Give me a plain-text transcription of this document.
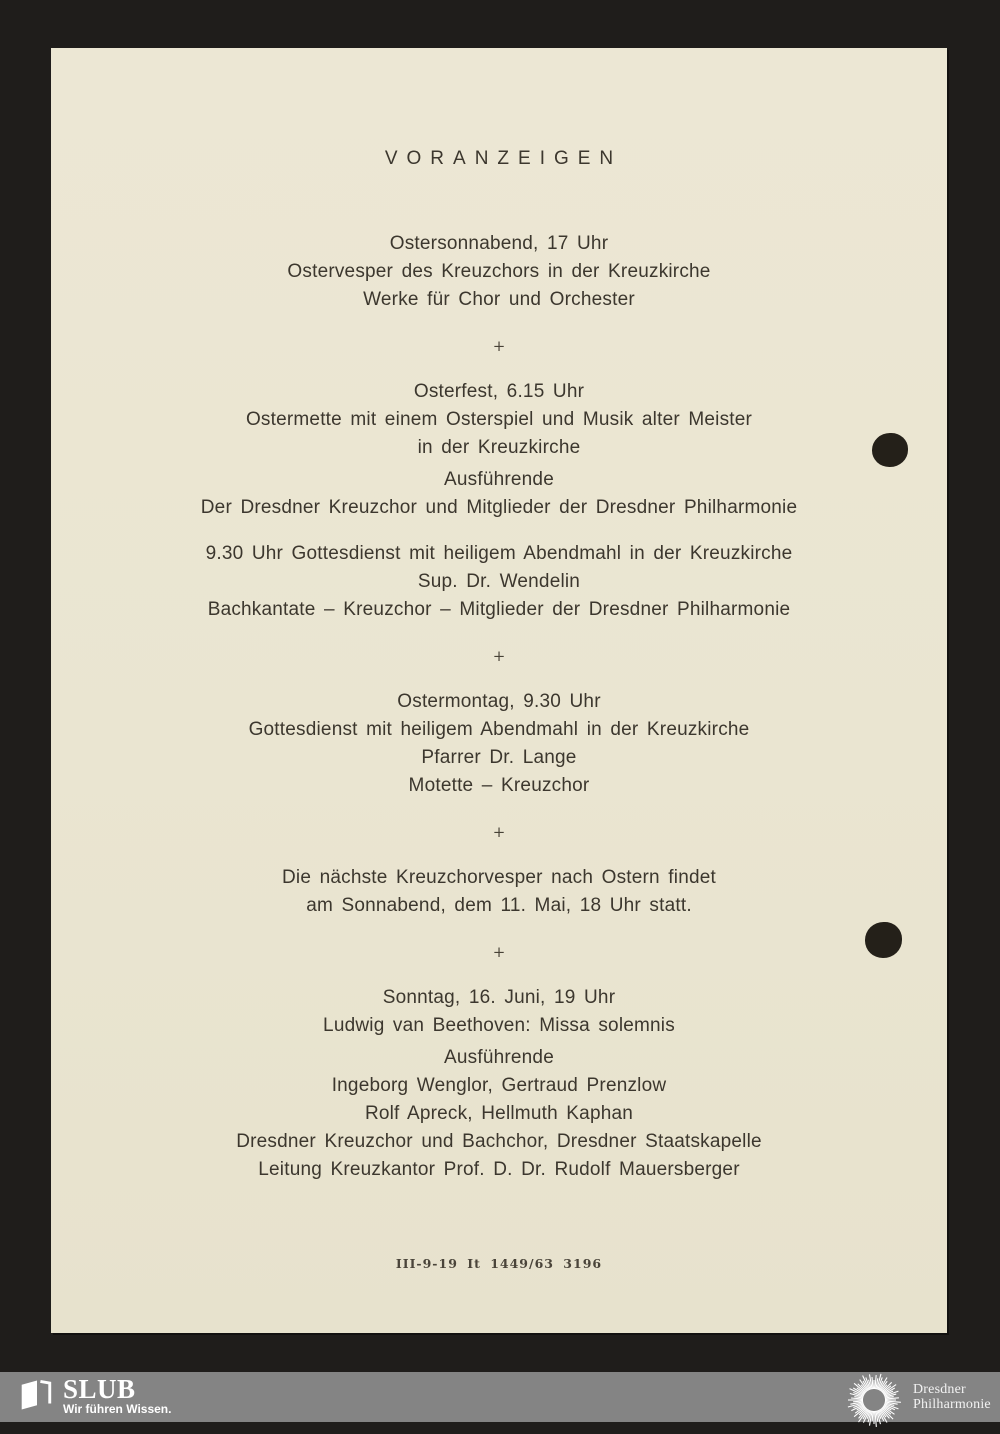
VORANZEIGEN

Ostersonnabend, 17 Uhr

Ostervesper des Kreuzchors in der Kreuzkirche

Werke für Chor und Orchester

+

Osterfest, 6.15 Uhr

Ostermette mit einem Osterspiel und Musik alter Meister

in der Kreuzkirche

Ausführende

Der Dresdner Kreuzchor und Mitglieder der Dresdner Philharmonie

9.30 Uhr Gottesdienst mit heiligem Abendmahl in der Kreuzkirche

Sup. Dr. Wendelin

Bachkantate – Kreuzchor – Mitglieder der Dresdner Philharmonie

+

Ostermontag, 9.30 Uhr

Gottesdienst mit heiligem Abendmahl in der Kreuzkirche

Pfarrer Dr. Lange

Motette – Kreuzchor

+

Die nächste Kreuzchorvesper nach Ostern findet

am Sonnabend, dem 11. Mai, 18 Uhr statt.

+

Sonntag, 16. Juni, 19 Uhr

Ludwig van Beethoven: Missa solemnis

Ausführende

Ingeborg Wenglor, Gertraud Prenzlow

Rolf Apreck, Hellmuth Kaphan

Dresdner Kreuzchor und Bachchor, Dresdner Staatskapelle

Leitung Kreuzkantor Prof. D. Dr. Rudolf Mauersberger

III-9-19 It 1449/63 3196

SLUB
Wir führen Wissen.
Dresdner
Philharmonie
